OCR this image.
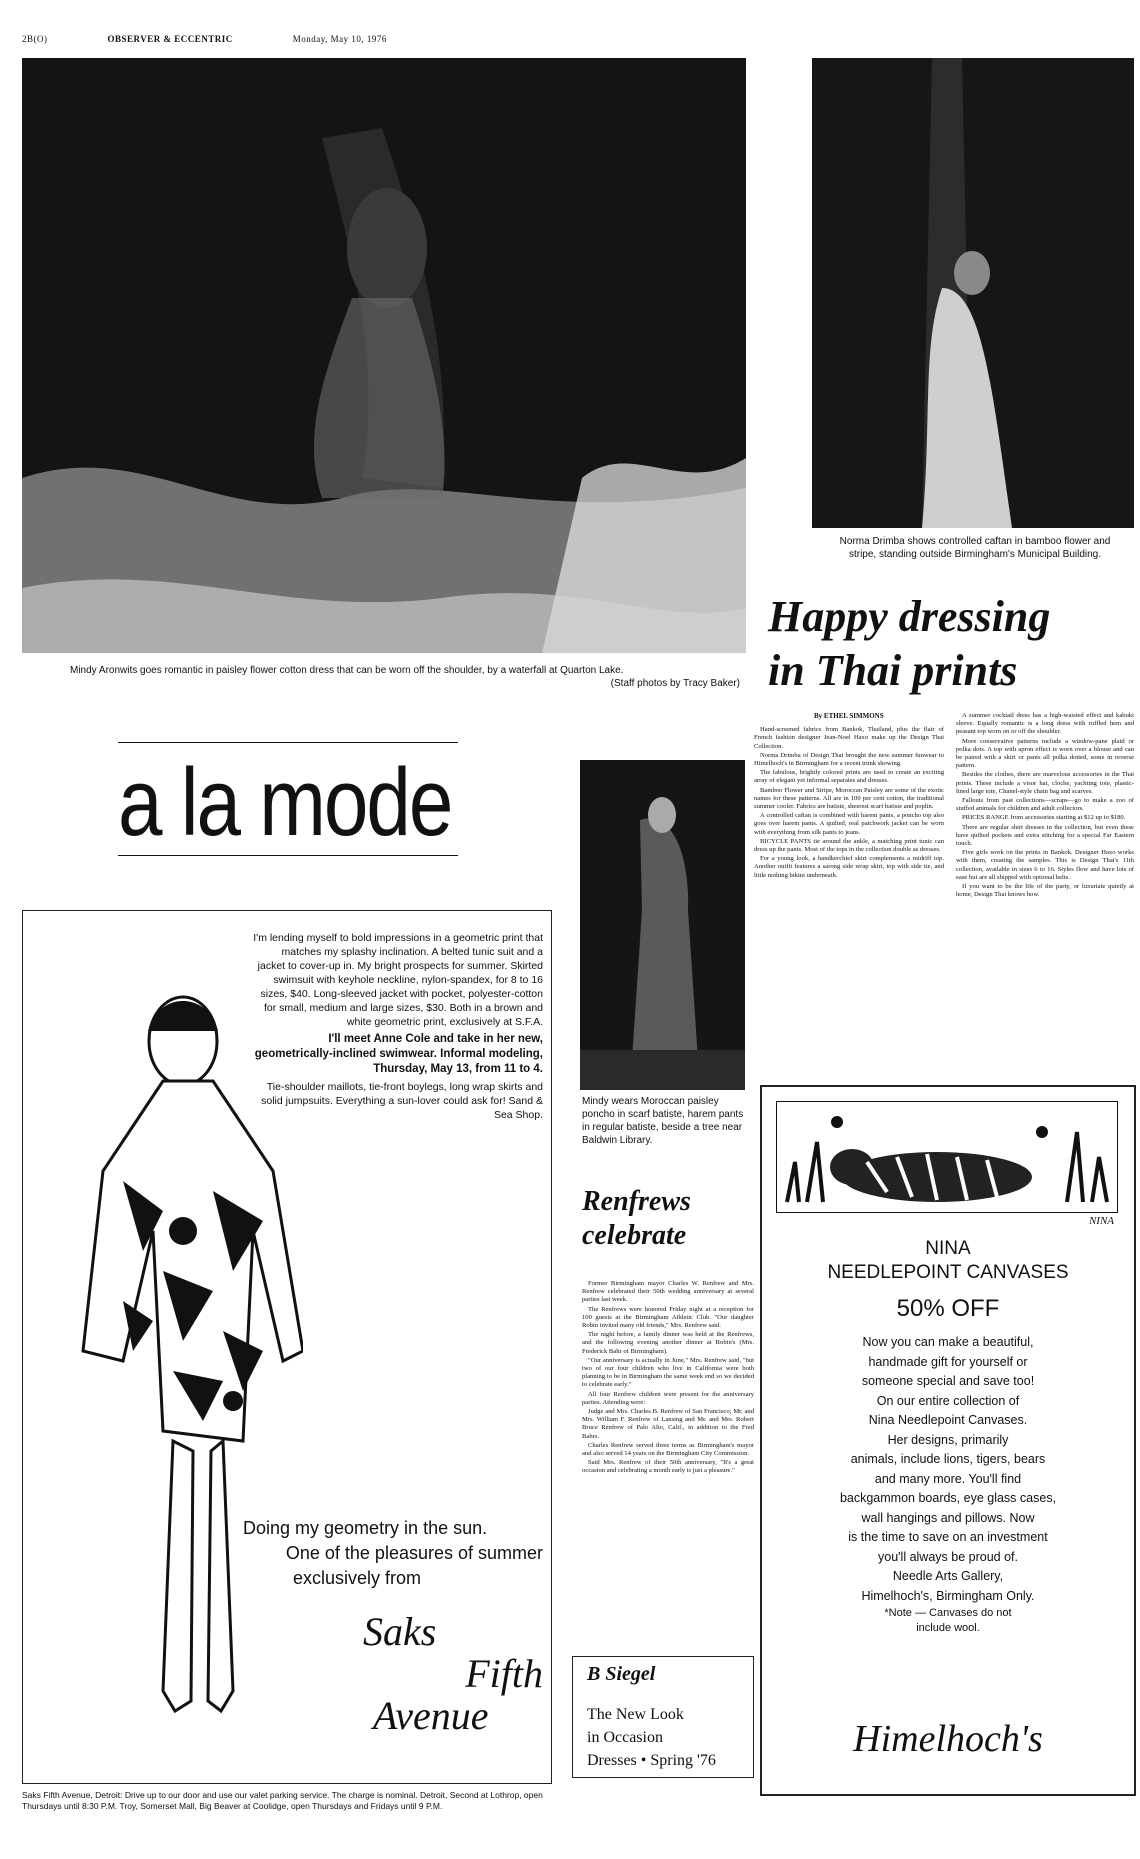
2B(O)	OBSERVER & ECCENTRIC	Monday, May 10, 1976
Mindy Aronwits goes romantic in paisley flower cotton dress that can be worn off the shoulder, by a waterfall at Quarton Lake.
(Staff photos by Tracy Baker)
Norma Drimba shows controlled caftan in bamboo flower and stripe, standing outside Birmingham's Municipal Building.
Happy dressing
in Thai prints
By ETHEL SIMMONS

Hand-screened fabrics from Bankok, Thailand, plus the flair of French fashion designer Jean-Noel Haxo make up the Design Thai Collection.

Norma Drimba of Design Thai brought the new summer funwear to Himelhoch's in Birmingham for a recent trunk showing.

The fabulous, brightly colored prints are used to create an exciting array of elegant yet informal separates and dresses.

Bamboo Flower and Stripe, Moroccan Paisley are some of the exotic names for these patterns. All are in 100 per cent cotton, the traditional summer cooler. Fabrics are batiste, sheerest scarf batiste and poplin.

A controlled caftan is combined with harem pants, a poncho top also goes over harem pants. A quilted, real patchwork jacket can be worn with everything from silk pants to jeans.

BICYCLE PANTS tie around the ankle, a matching print tunic can dress up the pants. Most of the tops in the collection double as dresses.

For a young look, a handkerchief skirt complements a midriff top. Another outfit features a sarong side wrap skirt, top with side tie, and little nothing bikini underneath.

A summer cocktail dress has a high-waisted effect and kabuki sleeve. Equally romantic is a long dress with ruffled hem and peasant top worn on or off the shoulder.

More conservative patterns include a window-pane plaid or polka dots. A top with apron effect is worn over a blouse and can be paired with a skirt or pants all polka dotted, some in reverse pattern.

Besides the clothes, there are marvelous accessories in the Thai prints. These include a visor hat, cloche, yachting tote, plastic-lined large tote, Chanel-style chain bag and scarves.

Fallouts from past collections—scraps—go to make a zoo of stuffed animals for children and adult collectors.

PRICES RANGE from accessories starting at $12 up to $180.

There are regular shirt dresses in the collection, but even these have quilted pockets and extra stitching for a special Far Eastern touch.

Five girls work on the prints in Bankok. Designer Haxo works with them, creating the samples. This is Design Thai's 11th collection, available in sizes 6 to 16. Styles flow and have lots of ease but are all shipped with optional belts.

If you want to be the life of the party, or luxuriate quietly at home, Design Thai knows how.

Mindy wears Moroccan paisley poncho in scarf batiste, harem pants in regular batiste, beside a tree near Baldwin Library.
a la mode
I'm lending myself to bold impressions in a geometric print that matches my splashy inclination. A belted tunic suit and a jacket to cover-up in. My bright prospects for summer. Skirted swimsuit with keyhole neckline, nylon-spandex, for 8 to 16 sizes, $40. Long-sleeved jacket with pocket, polyester-cotton for small, medium and large sizes, $30. Both in a brown and white geometric print, exclusively at S.F.A.
I'll meet Anne Cole and take in her new, geometrically-inclined swimwear. Informal modeling, Thursday, May 13, from 11 to 4.
Tie-shoulder maillots, tie-front boylegs, long wrap skirts and solid jumpsuits. Everything a sun-lover could ask for! Sand & Sea Shop.
Doing my geometry in the sun.
One of the pleasures of summer
exclusively from
Saks
Fifth
Avenue
Saks Fifth Avenue, Detroit: Drive up to our door and use our valet parking service. The charge is nominal. Detroit, Second at Lothrop, open Thursdays until 8:30 P.M. Troy, Somerset Mall, Big Beaver at Coolidge, open Thursdays and Fridays until 9 P.M.
Renfrews
celebrate

Former Birmingham mayor Charles W. Renfrew and Mrs. Renfrew celebrated their 50th wedding anniversary at several parties last week.

The Renfrews were honored Friday night at a reception for 100 guests at the Birmingham Athletic Club. "Our daughter Robin invited many old friends," Mrs. Renfrew said.

The night before, a family dinner was held at the Renfrews, and the following evening another dinner at Robin's (Mrs. Frederick Bahr of Birmingham).

"Our anniversary is actually in June," Mrs. Renfrew said, "but two of our four children who live in California were both planning to be in Birmingham the same week end so we decided to celebrate early."

All four Renfrew children were present for the anniversary parties. Attending were:

Judge and Mrs. Charles B. Renfrew of San Francisco; Mr. and Mrs. William F. Renfrew of Lansing and Mr. and Mrs. Robert Bruce Renfrew of Palo Alto, Calif., in addition to the Fred Bahrs.

Charles Renfrew served three terms as Birmingham's mayor and also served 14 years on the Birmingham City Commission.

Said Mrs. Renfrew of their 50th anniversary, "It's a great occasion and celebrating a month early is just a pleasure."

B Siegel
The New Look
in Occasion
Dresses • Spring '76
NINA
NINA
NEEDLEPOINT CANVASES
50% OFF
Now you can make a beautiful,
handmade gift for yourself or
someone special and save too!
On our entire collection of
Nina Needlepoint Canvases.
Her designs, primarily
animals, include lions, tigers, bears
and many more. You'll find
backgammon boards, eye glass cases,
wall hangings and pillows. Now
is the time to save on an investment
you'll always be proud of.
Needle Arts Gallery,
Himelhoch's, Birmingham Only.
*Note — Canvases do not
include wool.
Himelhoch's
